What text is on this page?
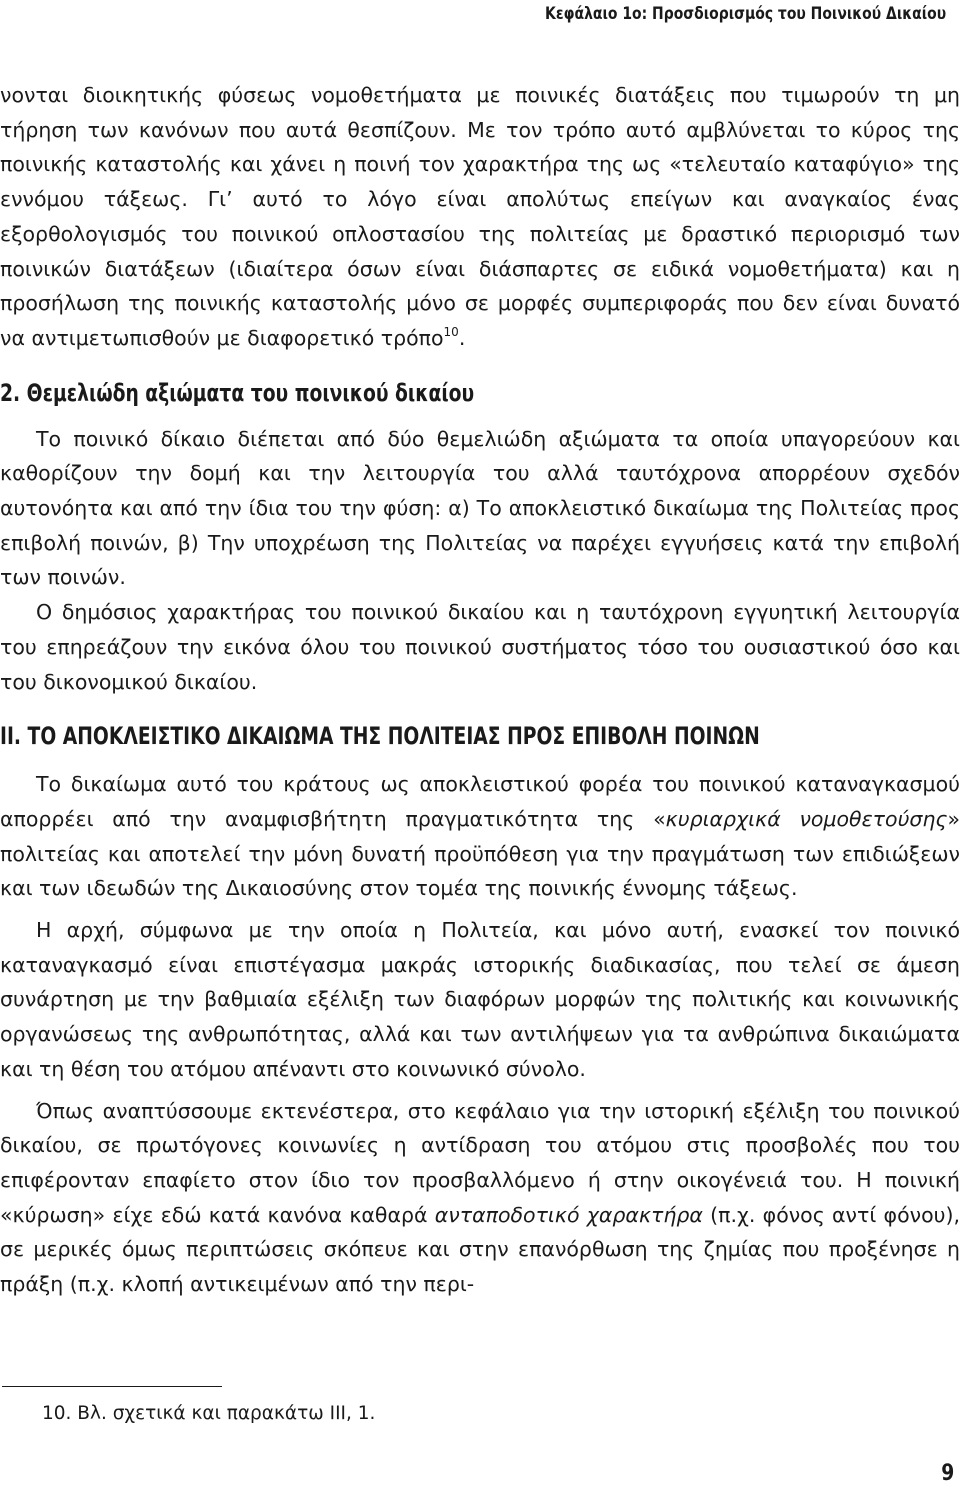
Κεφάλαιο 1ο: Προσδιορισμός του Ποινικού Δικαίου

νονται διοικητικής φύσεως νομοθετήματα με ποινικές διατάξεις που τιμωρούν τη μη τήρηση των κανόνων που αυτά θεσπίζουν. Με τον τρόπο αυτό αμβλύνεται το κύρος της ποινικής καταστολής και χάνει η ποινή τον χαρακτήρα της ως «τελευταίο καταφύγιο» της εννόμου τάξεως. Γι’ αυτό το λόγο είναι απολύτως επείγων και αναγκαίος ένας εξορθολογισμός του ποινικού οπλοστασίου της πολιτείας με δραστικό περιορισμό των ποινικών διατάξεων (ιδιαίτερα όσων είναι διάσπαρτες σε ειδικά νομοθετήματα) και η προσήλωση της ποινικής καταστολής μόνο σε μορφές συμπεριφοράς που δεν είναι δυνατό να αντιμετωπισθούν με διαφορετικό τρόπο$^{10}$.

2. Θεμελιώδη αξιώματα του ποινικού δικαίου

Το ποινικό δίκαιο διέπεται από δύο θεμελιώδη αξιώματα τα οποία υπαγορεύουν και καθορίζουν την δομή και την λειτουργία του αλλά ταυτόχρονα απορρέουν σχεδόν αυτονόητα και από την ίδια του την φύση: α) Το αποκλειστικό δικαίωμα της Πολιτείας προς επιβολή ποινών, β) Την υποχρέωση της Πολιτείας να παρέχει εγγυήσεις κατά την επιβολή των ποινών.

Ο δημόσιος χαρακτήρας του ποινικού δικαίου και η ταυτόχρονη εγγυητική λειτουργία του επηρεάζουν την εικόνα όλου του ποινικού συστήματος τόσο του ουσιαστικού όσο και του δικονομικού δικαίου.

ΙΙ. ΤΟ ΑΠΟΚΛΕΙΣΤΙΚΟ ΔΙΚΑΙΩΜΑ ΤΗΣ ΠΟΛΙΤΕΙΑΣ ΠΡΟΣ ΕΠΙΒΟΛΗ ΠΟΙΝΩΝ

Το δικαίωμα αυτό του κράτους ως αποκλειστικού φορέα του ποινικού καταναγκασμού απορρέει από την αναμφισβήτητη πραγματικότητα της «κυριαρχικά νομοθετούσης» πολιτείας και αποτελεί την μόνη δυνατή προϋπόθεση για την πραγμάτωση των επιδιώξεων και των ιδεωδών της Δικαιοσύνης στον τομέα της ποινικής έννομης τάξεως.

Η αρχή, σύμφωνα με την οποία η Πολιτεία, και μόνο αυτή, ενασκεί τον ποινικό καταναγκασμό είναι επιστέγασμα μακράς ιστορικής διαδικασίας, που τελεί σε άμεση συνάρτηση με την βαθμιαία εξέλιξη των διαφόρων μορφών της πολιτικής και κοινωνικής οργανώσεως της ανθρωπότητας, αλλά και των αντιλήψεων για τα ανθρώπινα δικαιώματα και τη θέση του ατόμου απέναντι στο κοινωνικό σύνολο.

Όπως αναπτύσσουμε εκτενέστερα, στο κεφάλαιο για την ιστορική εξέλιξη του ποινικού δικαίου, σε πρωτόγονες κοινωνίες η αντίδραση του ατόμου στις προσβολές που του επιφέρονταν επαφίετο στον ίδιο τον προσβαλλόμενο ή στην οικογένειά του. Η ποινική «κύρωση» είχε εδώ κατά κανόνα καθαρά ανταποδοτικό χαρακτήρα (π.χ. φόνος αντί φόνου), σε μερικές όμως περιπτώσεις σκόπευε και στην επανόρθωση της ζημίας που προξένησε η πράξη (π.χ. κλοπή αντικειμένων από την περι-

10. Βλ. σχετικά και παρακάτω ΙΙΙ, 1.
9
